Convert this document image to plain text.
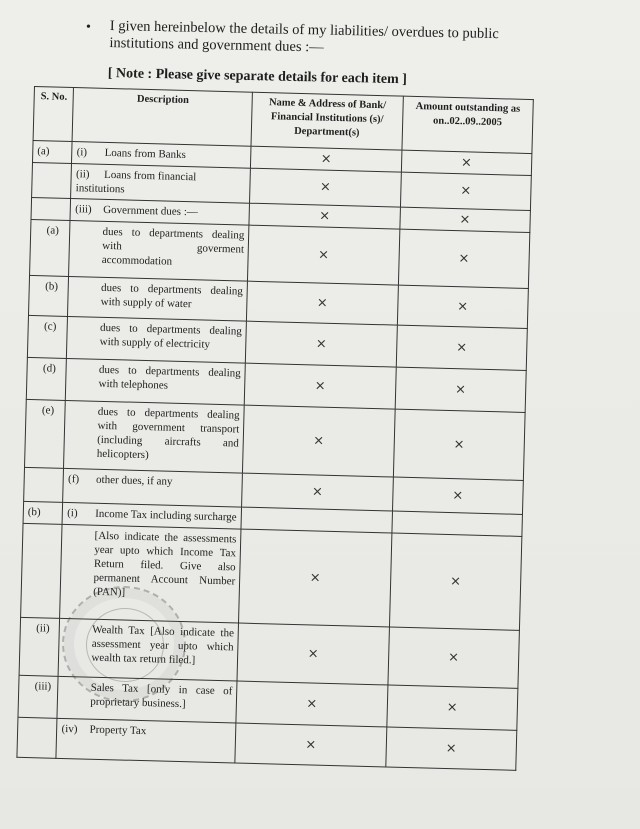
• I given hereinbelow the details of my liabilities/ overdues to public institutions and government dues :—
[ Note : Please give separate details for each item ]
S. No.	Description	Name & Address of Bank/ Financial Institutions (s)/ Department(s)	Amount outstanding as on..02..09..2005
(a)	(i) Loans from Banks	×	×
	(ii) Loans from financial institutions	×	×
	(iii) Government dues :—	×	×

	(a) dues to departments dealing with goverment accommodation	×	×

	(b) dues to departments dealing with supply of water	×	×

	(c) dues to departments dealing with supply of electricity	×	×

	(d) dues to departments dealing with telephones	×	×

	(e) dues to departments dealing with government transport (including aircrafts and helicopters)	×	×
	(f) other dues, if any	×	×
(b)	(i) Income Tax including surcharge		

	[Also indicate the assessments year upto which Income Tax Return filed. Give also permanent Account Number (PAN)]	×	×

	(ii) Wealth Tax [Also indicate the assessment year upto which wealth tax return filed.]	×	×

	(iii) Sales Tax [only in case of proprietary business.]	×	×
	(iv) Property Tax	×	×
